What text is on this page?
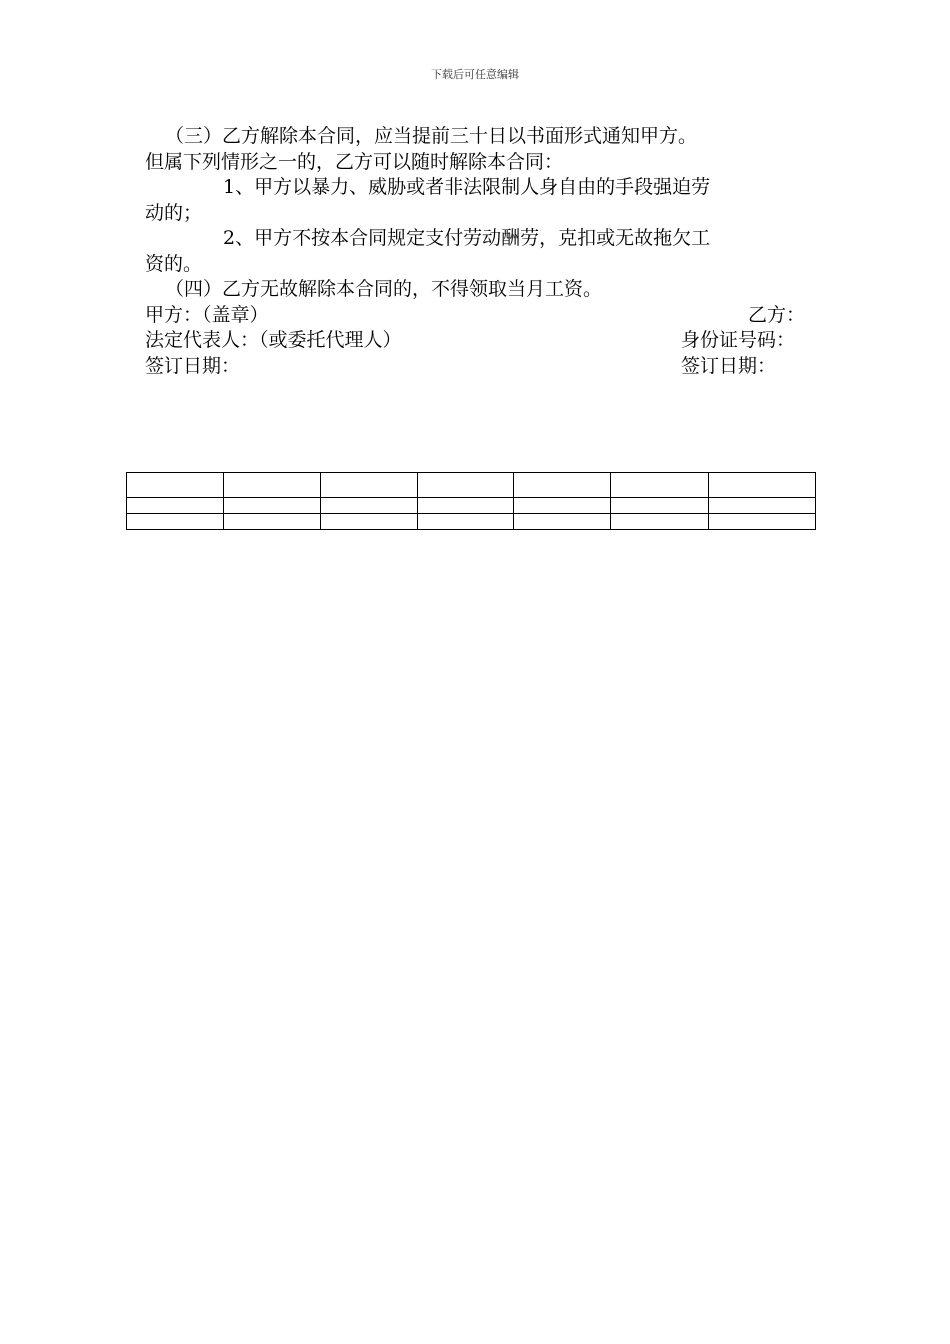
下载后可任意编辑
（三）乙方解除本合同，应当提前三十日以书面形式通知甲方。
但属下列情形之一的，乙方可以随时解除本合同：
1、甲方以暴力、威胁或者非法限制人身自由的手段强迫劳
动的；
2、甲方不按本合同规定支付劳动酬劳，克扣或无故拖欠工
资的。
（四）乙方无故解除本合同的，不得领取当月工资。
甲方：（盖章）	乙方：
法定代表人：（或委托代理人）	身份证号码：
签订日期：	签订日期：
